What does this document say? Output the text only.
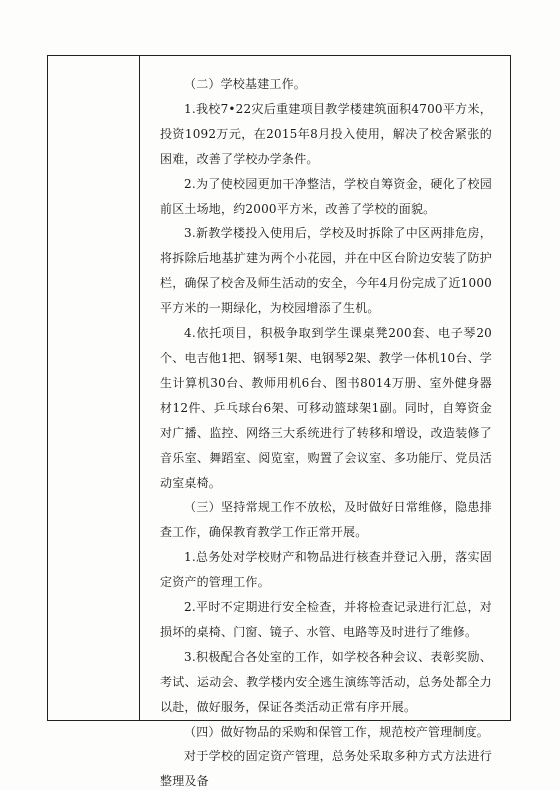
（二）学校基建工作。

1.我校7•22灾后重建项目教学楼建筑面积4700平方米，投资1092万元，在2015年8月投入使用，解决了校舍紧张的困难，改善了学校办学条件。

2.为了使校园更加干净整洁，学校自筹资金，硬化了校园前区土场地，约2000平方米，改善了学校的面貌。

3.新教学楼投入使用后，学校及时拆除了中区两排危房，将拆除后地基扩建为两个小花园，并在中区台阶边安装了防护栏，确保了校舍及师生活动的安全，今年4月份完成了近1000平方米的一期绿化，为校园增添了生机。

4.依托项目，积极争取到学生课桌凳200套、电子琴20个、电吉他1把、钢琴1架、电钢琴2架、教学一体机10台、学生计算机30台、教师用机6台、图书8014万册、室外健身器材12件、乒乓球台6架、可移动篮球架1副。同时，自筹资金对广播、监控、网络三大系统进行了转移和增设，改造装修了音乐室、舞蹈室、阅览室，购置了会议室、多功能厅、党员活动室桌椅。

（三）坚持常规工作不放松，及时做好日常维修，隐患排查工作，确保教育教学工作正常开展。

1.总务处对学校财产和物品进行核查并登记入册，落实固定资产的管理工作。

2.平时不定期进行安全检查，并将检查记录进行汇总，对损坏的桌椅、门窗、镜子、水管、电路等及时进行了维修。

3.积极配合各处室的工作，如学校各种会议、表彰奖励、考试、运动会、教学楼内安全逃生演练等活动，总务处都全力以赴，做好服务，保证各类活动正常有序开展。

（四）做好物品的采购和保管工作，规范校产管理制度。

对于学校的固定资产管理，总务处采取多种方式方法进行整理及备
